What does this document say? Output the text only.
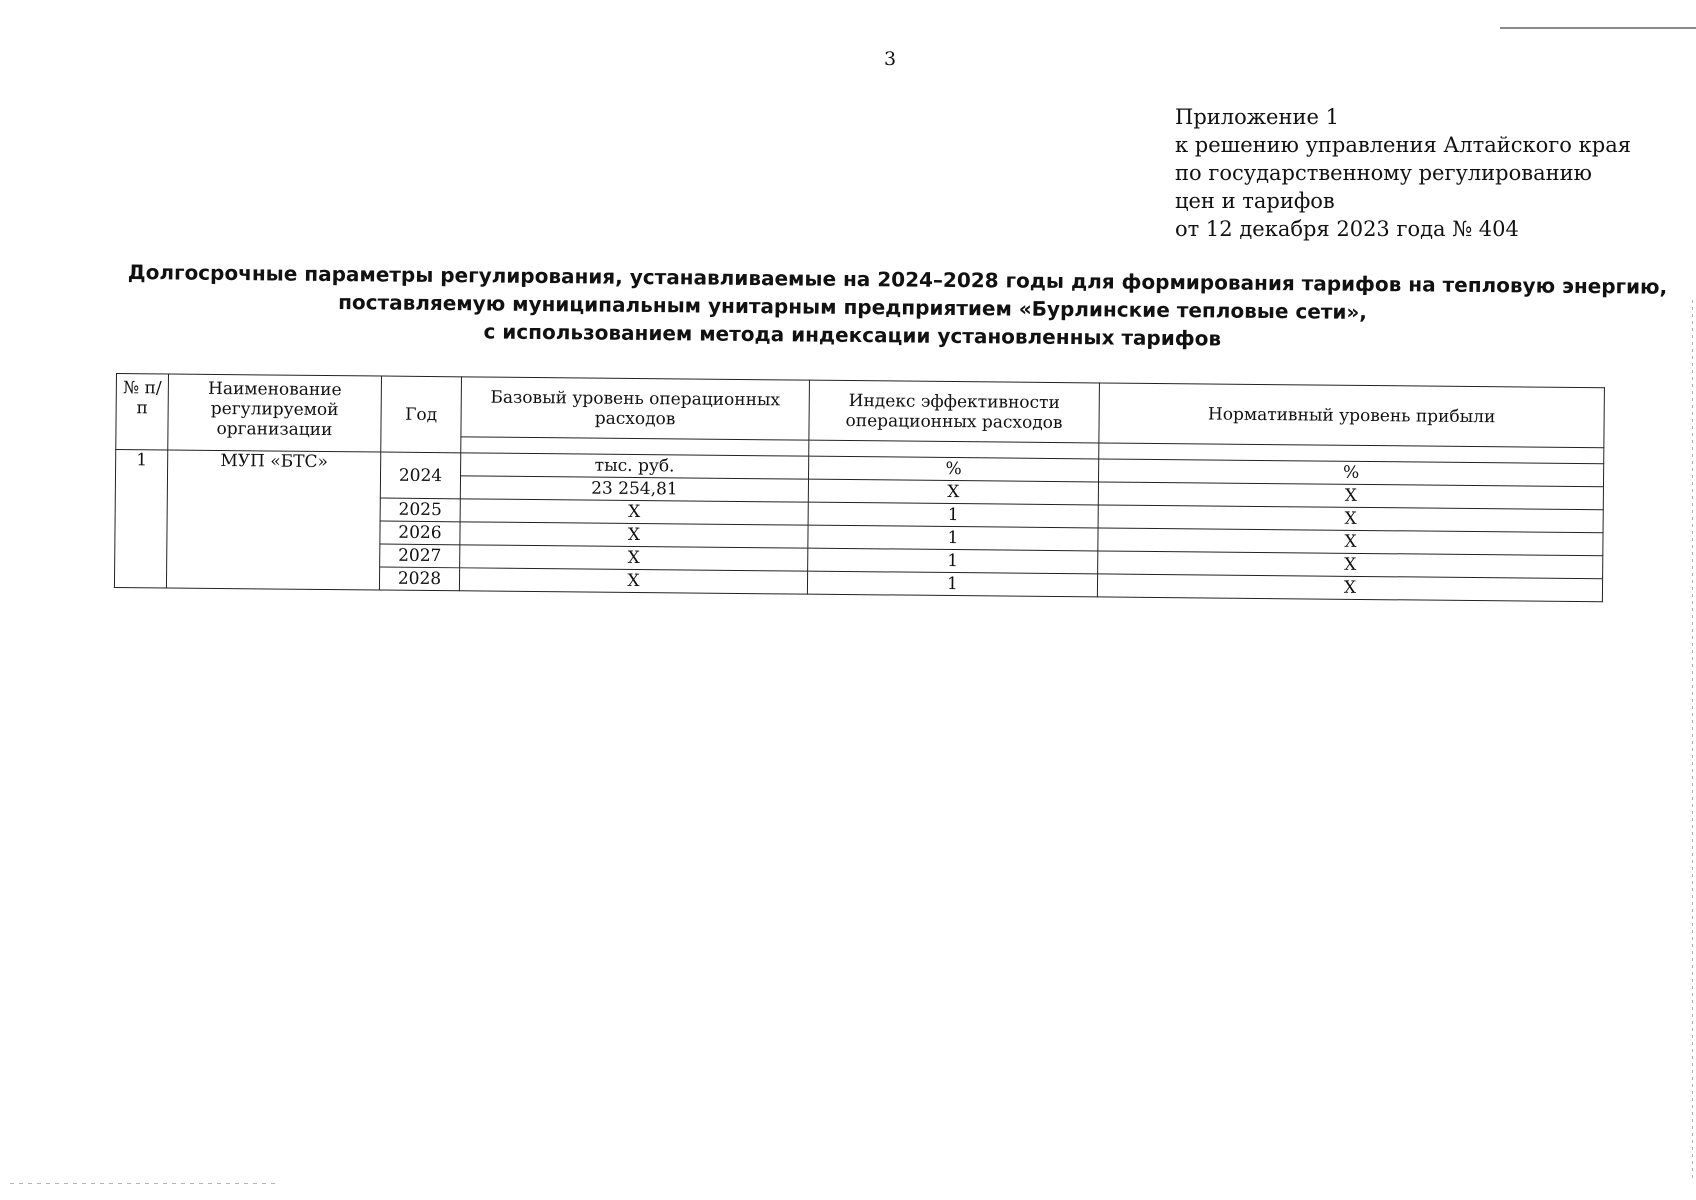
3
Приложение 1
к решению управления Алтайского края
по государственному регулированию
цен и тарифов
от 12 декабря 2023 года № 404
Долгосрочные параметры регулирования, устанавливаемые на 2024–2028 годы для формирования тарифов на тепловую энергию,
поставляемую муниципальным унитарным предприятием «Бурлинские тепловые сети»,
с использованием метода индексации установленных тарифов
№ п/п	Наименование регулируемой организации	Год	Базовый уровень операционных расходов	Индекс эффективности операционных расходов	Нормативный уровень прибыли

1	МУП «БТС»	2024	тыс. руб.	%	%
			23 254,81	Х	Х
		2025	Х	1	Х
		2026	Х	1	Х
		2027	Х	1	Х
		2028	Х	1	Х
